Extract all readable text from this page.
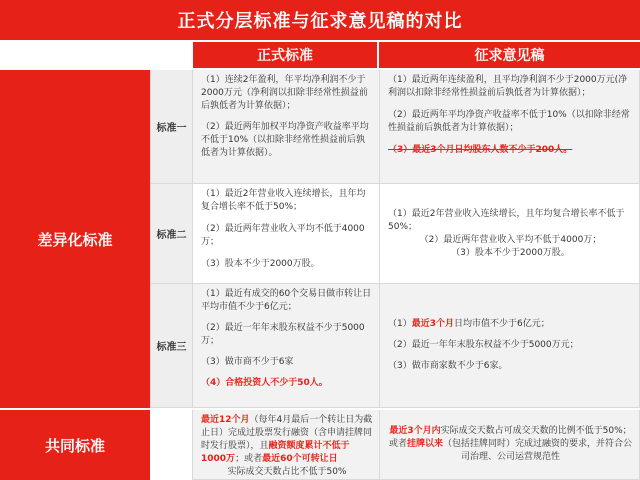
正式分层标准与征求意见稿的对比
正式标准	征求意见稿
差异化标准
共同标准
标准一
标准二
标准三

（1）连续2年盈利，年平均净利润不少于2000万元（净利润以扣除非经常性损益前后孰低者为计算依据）；

（2）最近两年加权平均净资产收益率平均不低于10%（以扣除非经常性损益前后孰低者为计算依据）。

（1）最近两年连续盈利，且平均净利润不少于2000万元(净利润以扣除非经常性损益前后孰低者为计算依据）；

（2）最近两年平均净资产收益率不低于10%（以扣除非经常性损益前后孰低者为计算依据）；

（3）最近3个月日均股东人数不少于200人。

（1）最近2年营业收入连续增长，且年均复合增长率不低于50%；

（2）最近两年营业收入平均不低于4000万；

（3）股本不少于2000万股。

（1）最近2年营业收入连续增长，且年均复合增长率不低于50%；

（2）最近两年营业收入平均不低于4000万；

（3）股本不少于2000万股。

（1）最近有成交的60个交易日做市转让日平均市值不少于6亿元；

（2）最近一年年末股东权益不少于5000万；

（3）做市商不少于6家

（4）合格投资人不少于50人。

（1）最近3个月日均市值不少于6亿元；

（2）最近一年年末股东权益不少于5000万元；

（3）做市商家数不少于6家。

最近12个月（每年4月最后一个转让日为截止日）完成过股票发行融资（含申请挂牌同时发行股票），且融资额度累计不低于1000万；或者最近60个可转让日
实际成交天数占比不低于50%

最近3个月内实际成交天数占可成交天数的比例不低于50%；或者挂牌以来（包括挂牌同时）完成过融资的要求，并符合公司治理、公司运营规范性
